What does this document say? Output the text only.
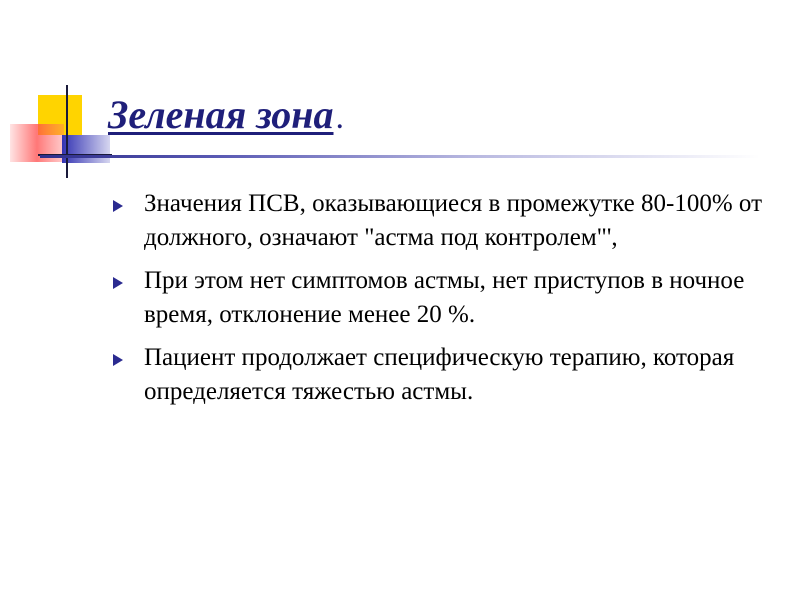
Зеленая зона.
Значения ПСВ, оказывающиеся в промежутке 80-100% от должного, означают "астма под контролем"',
При этом нет симптомов астмы, нет приступов в ночное время, отклонение менее 20 %.
Пациент продолжает специфическую терапию, которая определяется тяжестью астмы.
